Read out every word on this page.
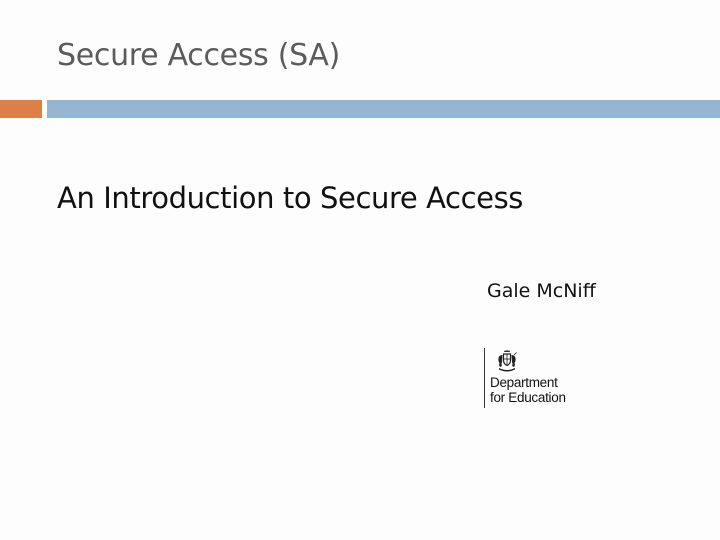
Secure Access (SA)
An Introduction to Secure Access
Gale McNiff
Department
for Education
